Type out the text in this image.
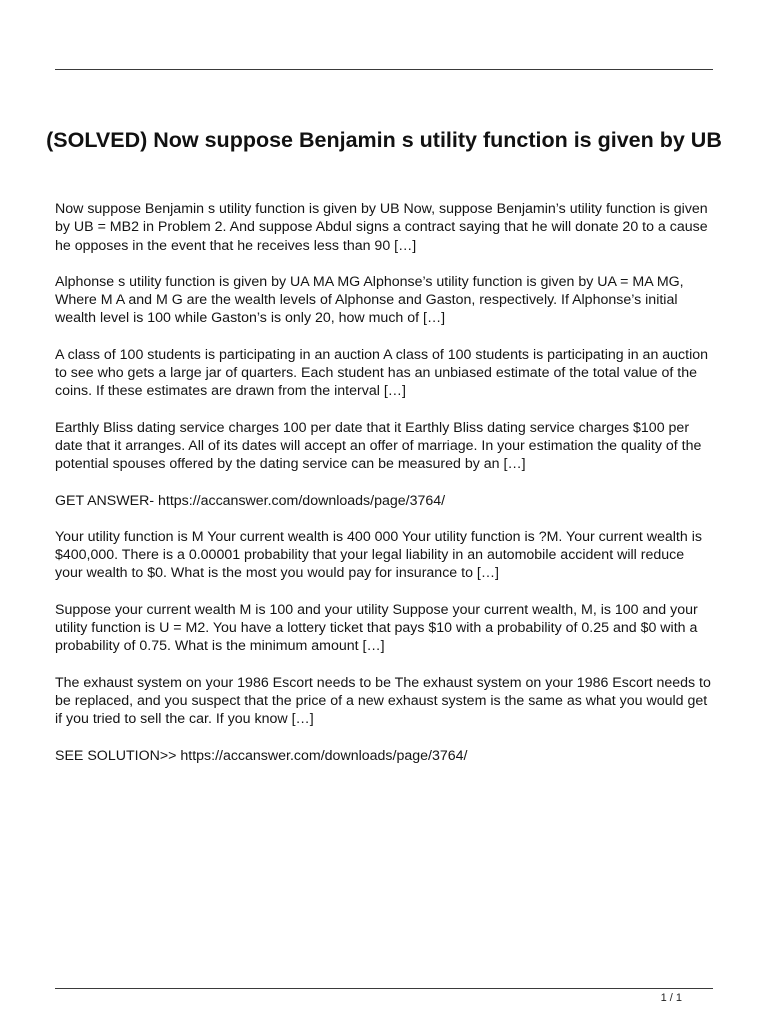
(SOLVED) Now suppose Benjamin s utility function is given by UB

Now suppose Benjamin s utility function is given by UB Now, suppose Benjamin’s utility function is given by UB = MB2 in Problem 2. And suppose Abdul signs a contract saying that he will donate 20 to a cause he opposes in the event that he receives less than 90 […]

Alphonse s utility function is given by UA MA MG Alphonse’s utility function is given by UA = MA MG, Where M A and M G are the wealth levels of Alphonse and Gaston, respectively. If Alphonse’s initial wealth level is 100 while Gaston’s is only 20, how much of […]

A class of 100 students is participating in an auction A class of 100 students is participating in an auction to see who gets a large jar of quarters. Each student has an unbiased estimate of the total value of the coins. If these estimates are drawn from the interval […]

Earthly Bliss dating service charges 100 per date that it Earthly Bliss dating service charges $100 per date that it arranges. All of its dates will accept an offer of marriage. In your estimation the quality of the potential spouses offered by the dating service can be measured by an […]

GET ANSWER- https://accanswer.com/downloads/page/3764/

Your utility function is M Your current wealth is 400 000 Your utility function is ?M. Your current wealth is $400,000. There is a 0.00001 probability that your legal liability in an automobile accident will reduce your wealth to $0. What is the most you would pay for insurance to […]

Suppose your current wealth M is 100 and your utility Suppose your current wealth, M, is 100 and your utility function is U = M2. You have a lottery ticket that pays $10 with a probability of 0.25 and $0 with a probability of 0.75. What is the minimum amount […]

The exhaust system on your 1986 Escort needs to be The exhaust system on your 1986 Escort needs to be replaced, and you suspect that the price of a new exhaust system is the same as what you would get if you tried to sell the car. If you know […]

SEE SOLUTION>> https://accanswer.com/downloads/page/3764/

1 / 1
